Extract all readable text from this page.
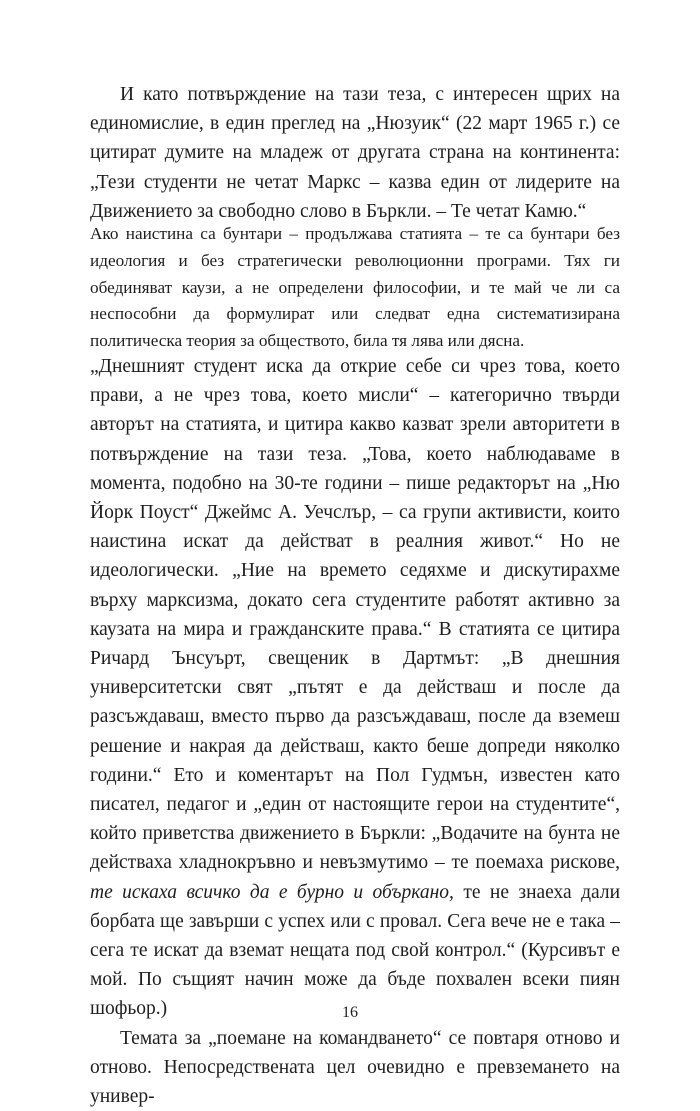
И като потвърждение на тази теза, с интересен щрих на единомислие, в един преглед на „Нюзуик“ (22 март 1965 г.) се цитират думите на младеж от другата страна на континента: „Тези студенти не четат Маркс – казва един от лидерите на Движението за свободно слово в Бъркли. – Те четат Камю.“

Ако наистина са бунтари – продължава статията – те са бунтари без идеология и без стратегически революционни програми. Тях ги обединяват каузи, а не определени философии, и те май че ли са неспособни да формулират или следват една систематизирана политическа теория за обществото, била тя лява или дясна.

„Днешният студент иска да открие себе си чрез това, което прави, а не чрез това, което мисли“ – категорично твърди авторът на статията, и цитира какво казват зрели авторитети в потвърждение на тази теза. „Това, което наблюдаваме в момента, подобно на 30-те години – пише редакторът на „Ню Йорк Поуст“ Джеймс А. Уечслър, – са групи активисти, които наистина искат да действат в реалния живот.“ Но не идеологически. „Ние на времето седяхме и дискутирахме върху марксизма, докато сега студентите работят активно за каузата на мира и гражданските права.“ В статията се цитира Ричард Ънсуърт, свещеник в Дартмът: „В днешния университетски свят „пътят е да действаш и после да разсъждаваш, вместо първо да разсъждаваш, после да вземеш решение и накрая да действаш, както беше допреди няколко години.“ Ето и коментарът на Пол Гудмън, известен като писател, педагог и „един от настоящите герои на студентите“, който приветства движението в Бъркли: „Водачите на бунта не действаха хладнокръвно и невъзмутимо – те поемаха рискове, те искаха всичко да е бурно и объркано, те не знаеха дали борбата ще завърши с успех или с провал. Сега вече не е така – сега те искат да вземат нещата под свой контрол.“ (Курсивът е мой. По същият начин може да бъде похвален всеки пиян шофьор.)

Темата за „поемане на командването“ се повтаря отново и отново. Непосредствената цел очевидно е превземането на универ-

16
